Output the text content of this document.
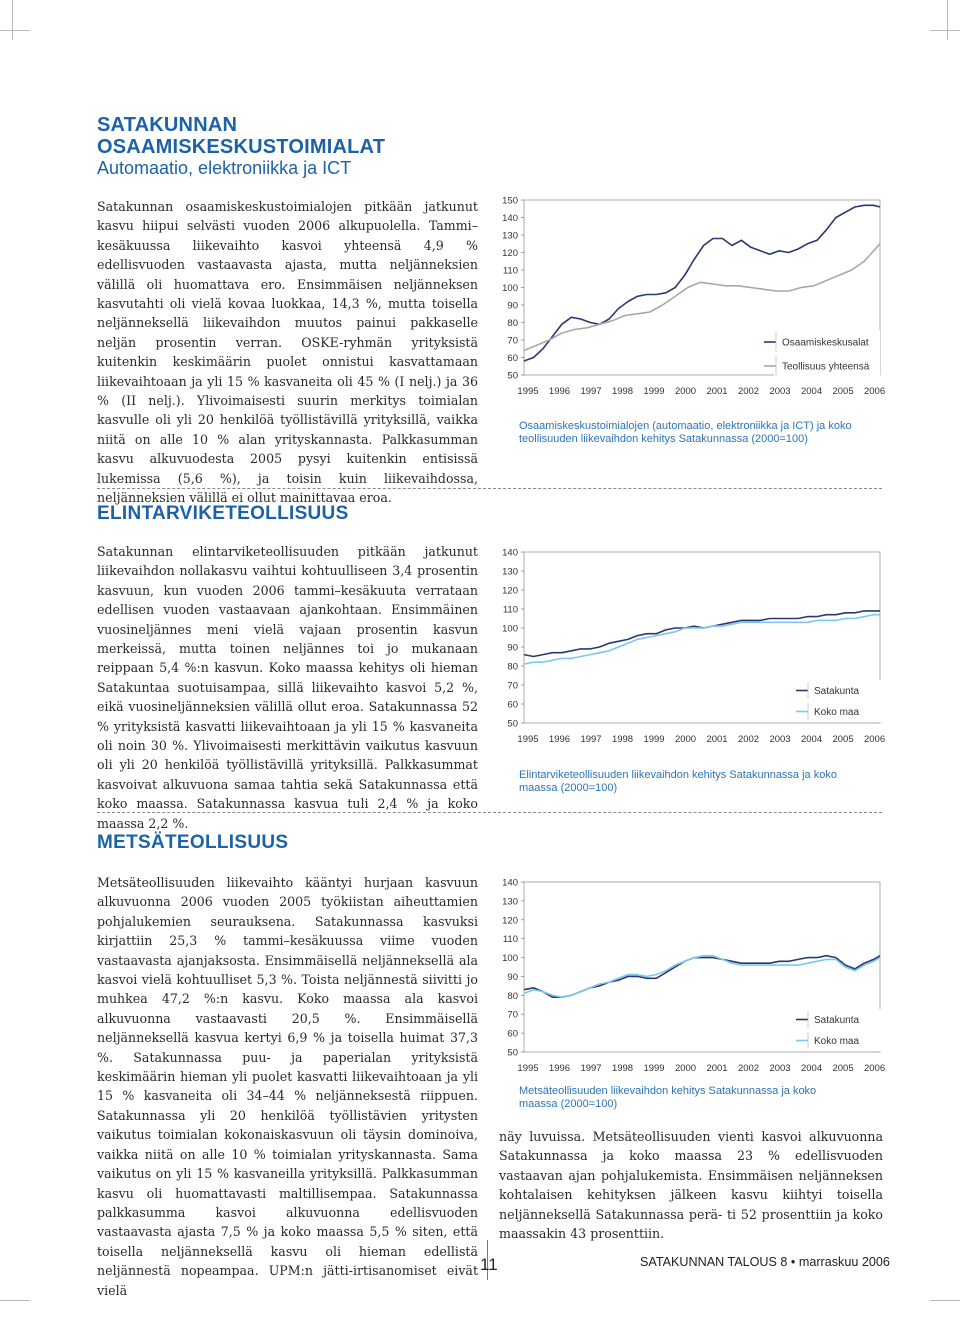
SATAKUNNAN OSAAMISKESKUSTOIMIALAT
Automaatio, elektroniikka ja ICT

Satakunnan osaamiskeskustoimialojen pitkään jatkunut kasvu hiipui selvästi vuoden 2006 alkupuolella. Tammi–kesäkuussa liikevaihto kasvoi yhteensä 4,9 % edellisvuoden vastaavasta ajasta, mutta neljänneksien välillä oli huomattava ero. Ensimmäisen neljänneksen kasvutahti oli vielä kovaa luokkaa, 14,3 %, mutta toisella neljänneksellä liikevaihdon muutos painui pakkaselle neljän prosentin verran. OSKE-ryhmän yrityksistä kuitenkin keskimäärin puolet onnistui kasvattamaan liikevaihtoaan ja yli 15 % kasvaneita oli 45 % (I nelj.) ja 36 % (II nelj.). Ylivoimaisesti suurin merkitys toimialan kasvulle oli yli 20 henkilöä työllistävillä yrityksillä, vaikka niitä on alle 10 % alan yrityskannasta. Palkkasumman kasvu alkuvuodesta 2005 pysyi kuitenkin entisissä lukemissa (5,6 %), ja toisin kuin liikevaihdossa, neljänneksien välillä ei ollut mainittavaa eroa.

50
60
70
80
90
100
110
120
130
140
150
1995 1996 1997 1998 1999 2000 2001 2002 2003 2004 2005 2006
Osaamiskeskusalat
Teollisuus yhteensä

Osaamiskeskustoimialojen (automaatio, elektroniikka ja ICT) ja koko teollisuuden liikevaihdon kehitys Satakunnassa (2000=100)

ELINTARVIKETEOLLISUUS

Satakunnan elintarviketeollisuuden pitkään jatkunut liikevaihdon nollakasvu vaihtui kohtuulliseen 3,4 prosentin kasvuun, kun vuoden 2006 tammi–kesäkuuta verrataan edellisen vuoden vastaavaan ajankohtaan. Ensimmäinen vuosineljännes meni vielä vajaan prosentin kasvun merkeissä, mutta toinen neljännes toi jo mukanaan reippaan 5,4 %:n kasvun. Koko maassa kehitys oli hieman Satakuntaa suotuisampaa, sillä liikevaihto kasvoi 5,2 %, eikä vuosineljänneksien välillä ollut eroa. Satakunnassa 52 % yrityksistä kasvatti liikevaihtoaan ja yli 15 % kasvaneita oli noin 30 %. Ylivoimaisesti merkittävin vaikutus kasvuun oli yli 20 henkilöä työllistävillä yrityksillä. Palkkasummat kasvoivat alkuvuona samaa tahtia sekä Satakunnassa että koko maassa. Satakunnassa kasvua tuli 2,4 % ja koko maassa 2,2 %.

50
60
70
80
90
100
110
120
130
140
1995 1996 1997 1998 1999 2000 2001 2002 2003 2004 2005 2006
Satakunta
Koko maa

Elintarviketeollisuuden liikevaihdon kehitys Satakunnassa ja koko maassa (2000=100)

METSÄTEOLLISUUS

Metsäteollisuuden liikevaihto kääntyi hurjaan kasvuun alkuvuonna 2006 vuoden 2005 työkiistan aiheuttamien pohjalukemien seurauksena. Satakunnassa kasvuksi kirjattiin 25,3 % tammi–kesäkuussa viime vuoden vastaavasta ajanjaksosta. Ensimmäisellä neljänneksellä ala kasvoi vielä kohtuulliset 5,3 %. Toista neljännestä siivitti jo muhkea 47,2 %:n kasvu. Koko maassa ala kasvoi alkuvuonna vastaavasti 20,5 %. Ensimmäisellä neljänneksellä kasvua kertyi 6,9 % ja toisella huimat 37,3 %. Satakunnassa puu- ja paperialan yrityksistä keskimäärin hieman yli puolet kasvatti liikevaihtoaan ja yli 15 % kasvaneita oli 34–44 % neljänneksestä riippuen. Satakunnassa yli 20 henkilöä työllistävien yritysten vaikutus toimialan kokonaiskasvuun oli täysin dominoiva, vaikka niitä on alle 10 % toimialan yrityskannasta. Sama vaikutus on yli 15 % kasvaneilla yrityksillä. Palkkasumman kasvu oli huomattavasti maltillisempaa. Satakunnassa palkkasumma kasvoi alkuvuonna edellisvuoden vastaavasta ajasta 7,5 % ja koko maassa 5,5 % siten, että toisella neljänneksellä kasvu oli hieman edellistä neljännestä nopeampaa. UPM:n jätti-irtisanomiset eivät vielä

50
60
70
80
90
100
110
120
130
140
1995 1996 1997 1998 1999 2000 2001 2002 2003 2004 2005 2006
Satakunta
Koko maa

Metsäteollisuuden liikevaihdon kehitys Satakunnassa ja koko maassa (2000=100)

näy luvuissa. Metsäteollisuuden vienti kasvoi alkuvuonna Satakunnassa ja koko maassa 23 % edellisvuoden vastaavan ajan pohjalukemista. Ensimmäisen neljänneksen kohtalaisen kehityksen jälkeen kasvu kiihtyi toisella neljänneksellä Satakunnassa perä- ti 52 prosenttiin ja koko maassakin 43 prosenttiin.

11	SATAKUNNAN TALOUS 8 • marraskuu 2006
